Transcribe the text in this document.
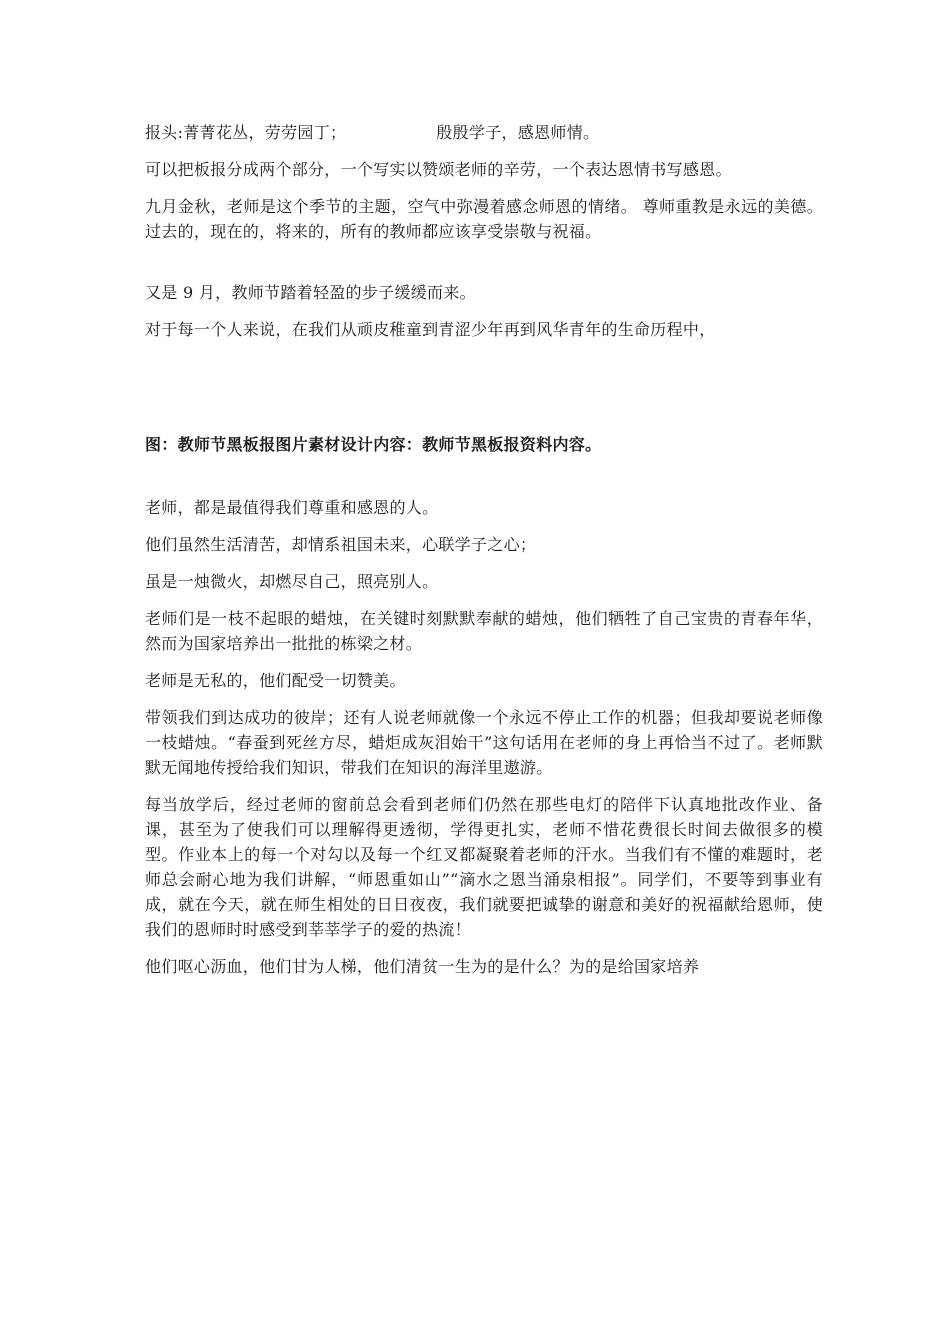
报头:菁菁花丛，劳劳园丁；	殷殷学子，感恩师情。

可以把板报分成两个部分，一个写实以赞颂老师的辛劳，一个表达恩情书写感恩。

九月金秋，老师是这个季节的主题，空气中弥漫着感念师恩的情绪。 尊师重教是永远的美德。过去的，现在的，将来的，所有的教师都应该享受崇敬与祝福。

又是 9 月，教师节踏着轻盈的步子缓缓而来。

对于每一个人来说，在我们从顽皮稚童到青涩少年再到风华青年的生命历程中，

图：教师节黑板报图片素材设计内容：教师节黑板报资料内容。

老师，都是最值得我们尊重和感恩的人。

他们虽然生活清苦，却情系祖国未来，心联学子之心；

虽是一烛微火，却燃尽自己，照亮别人。

老师们是一枝不起眼的蜡烛，在关键时刻默默奉献的蜡烛，他们牺牲了自己宝贵的青春年华，然而为国家培养出一批批的栋梁之材。

老师是无私的，他们配受一切赞美。

带领我们到达成功的彼岸；还有人说老师就像一个永远不停止工作的机器；但我却要说老师像一枝蜡烛。“春蚕到死丝方尽，蜡炬成灰泪始干”这句话用在老师的身上再恰当不过了。老师默默无闻地传授给我们知识，带我们在知识的海洋里遨游。

每当放学后，经过老师的窗前总会看到老师们仍然在那些电灯的陪伴下认真地批改作业、备课，甚至为了使我们可以理解得更透彻，学得更扎实，老师不惜花费很长时间去做很多的模型。作业本上的每一个对勾以及每一个红叉都凝聚着老师的汗水。当我们有不懂的难题时，老师总会耐心地为我们讲解，“师恩重如山”“滴水之恩当涌泉相报”。同学们，不要等到事业有成，就在今天，就在师生相处的日日夜夜，我们就要把诚挚的谢意和美好的祝福献给恩师，使我们的恩师时时感受到莘莘学子的爱的热流！

他们呕心沥血，他们甘为人梯，他们清贫一生为的是什么？为的是给国家培养
